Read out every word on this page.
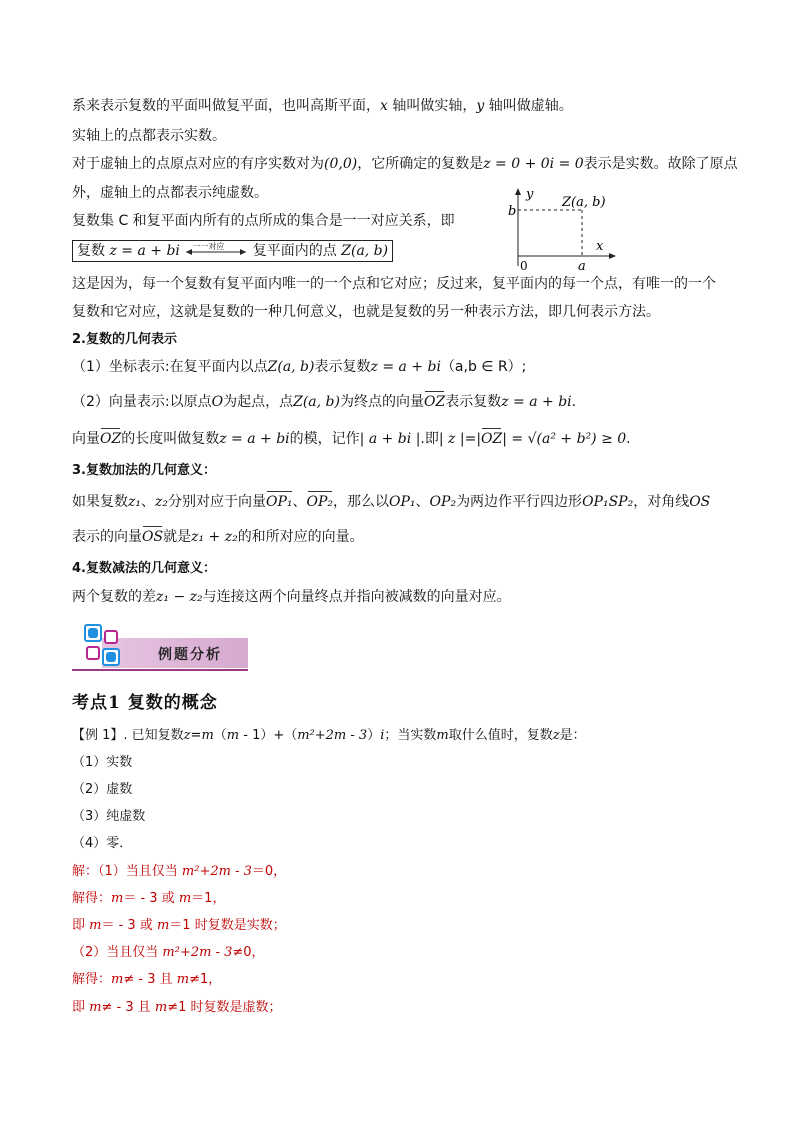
系来表示复数的平面叫做复平面，也叫高斯平面，x 轴叫做实轴，y 轴叫做虚轴。
实轴上的点都表示实数。
对于虚轴上的点原点对应的有序实数对为(0,0)，它所确定的复数是z = 0 + 0i = 0表示是实数。故除了原点
外，虚轴上的点都表示纯虚数。
复数集 C 和复平面内所有的点所成的集合是一一对应关系，即
复数 z = a + bi 一一对应 复平面内的点 Z(a, b)
y
b
Z(a, b)
x
0	a
这是因为，每一个复数有复平面内唯一的一个点和它对应；反过来，复平面内的每一个点，有唯一的一个
复数和它对应，这就是复数的一种几何意义，也就是复数的另一种表示方法，即几何表示方法。
2.复数的几何表示
（1）坐标表示:在复平面内以点Z(a, b)表示复数z = a + bi（a,b ∈ R）;
（2）向量表示:以原点O为起点，点Z(a, b)为终点的向量OZ表示复数z = a + bi.
向量OZ的长度叫做复数z = a + bi的模，记作| a + bi |.即| z |=|OZ| = √(a² + b²) ≥ 0.
3.复数加法的几何意义：
如果复数z₁、z₂分别对应于向量OP₁、OP₂，那么以OP₁、OP₂为两边作平行四边形OP₁SP₂，对角线OS
表示的向量OS就是z₁ + z₂的和所对应的向量。
4.复数减法的几何意义：
两个复数的差z₁ − z₂与连接这两个向量终点并指向被减数的向量对应。
例题分析
考点1 复数的概念
【例 1】. 已知复数z=m（m - 1）+（m²+2m - 3）i；当实数m取什么值时，复数z是：
（1）实数
（2）虚数
（3）纯虚数
（4）零．
解：（1）当且仅当 m²+2m - 3＝0，
解得：m＝ - 3 或 m＝1，
即 m＝ - 3 或 m＝1 时复数是实数；
（2）当且仅当 m²+2m - 3≠0，
解得：m≠ - 3 且 m≠1，
即 m≠ - 3 且 m≠1 时复数是虚数；
